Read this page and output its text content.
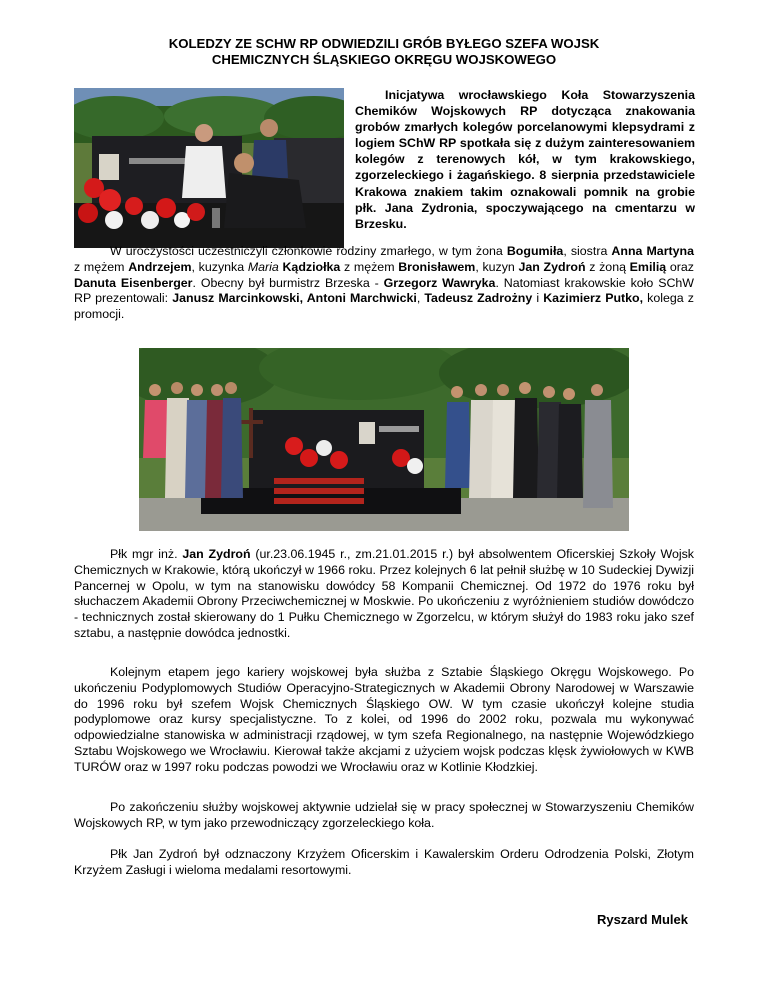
KOLEDZY ZE SCHW RP ODWIEDZILI GRÓB BYŁEGO SZEFA WOJSK
CHEMICZNYCH ŚLĄSKIEGO OKRĘGU WOJSKOWEGO
Inicjatywa wrocławskiego Koła Stowarzyszenia Chemików Wojskowych RP dotycząca znakowania grobów zmarłych kolegów porcelanowymi klepsydrami z logiem SChW RP spotkała się z dużym zainteresowaniem kolegów z terenowych kół, w tym krakowskiego, zgorzeleckiego i żagańskiego. 8 sierpnia przedstawiciele Krakowa znakiem takim oznakowali pomnik na grobie płk. Jana Zydronia, spoczywającego na cmentarzu w Brzesku.
W uroczystości uczestniczyli członkowie rodziny zmarłego, w tym żona Bogumiła, siostra Anna Martyna z mężem Andrzejem, kuzynka Maria Kądziołka z mężem Bronisławem, kuzyn Jan Zydroń z żoną Emilią oraz Danuta Eisenberger. Obecny był burmistrz Brzeska - Grzegorz Wawryka. Natomiast krakowskie koło SChW RP prezentowali: Janusz Marcinkowski, Antoni Marchwicki, Tadeusz Zadrożny i Kazimierz Putko, kolega z promocji.
Płk mgr inż. Jan Zydroń (ur.23.06.1945 r., zm.21.01.2015 r.) był absolwentem Oficerskiej Szkoły Wojsk Chemicznych w Krakowie, którą ukończył w 1966 roku. Przez kolejnych 6 lat pełnił służbę w 10 Sudeckiej Dywizji Pancernej w Opolu, w tym na stanowisku dowódcy 58 Kompanii Chemicznej. Od 1972 do 1976 roku był słuchaczem Akademii Obrony Przeciwchemicznej w Moskwie. Po ukończeniu z wyróżnieniem studiów dowódczo - technicznych został skierowany do 1 Pułku Chemicznego w Zgorzelcu, w którym służył do 1983 roku jako szef sztabu, a następnie dowódca jednostki.
Kolejnym etapem jego kariery wojskowej była służba z Sztabie Śląskiego Okręgu Wojskowego. Po ukończeniu Podyplomowych Studiów Operacyjno-Strategicznych w Akademii Obrony Narodowej w Warszawie do 1996 roku był szefem Wojsk Chemicznych Śląskiego OW. W tym czasie ukończył kolejne studia podyplomowe oraz kursy specjalistyczne. To z kolei, od 1996 do 2002 roku, pozwala mu wykonywać odpowiedzialne stanowiska w administracji rządowej, w tym szefa Regionalnego, na następnie Wojewódzkiego Sztabu Wojskowego we Wrocławiu. Kierował także akcjami z użyciem wojsk podczas klęsk żywiołowych w KWB TURÓW oraz w 1997 roku podczas powodzi we Wrocławiu oraz w Kotlinie Kłodzkiej.
Po zakończeniu służby wojskowej aktywnie udzielał się w pracy społecznej w Stowarzyszeniu Chemików Wojskowych RP, w tym jako przewodniczący zgorzeleckiego koła.
Płk Jan Zydroń był odznaczony Krzyżem Oficerskim i Kawalerskim Orderu Odrodzenia Polski, Złotym Krzyżem Zasługi i wieloma medalami resortowymi.
Ryszard Mulek
